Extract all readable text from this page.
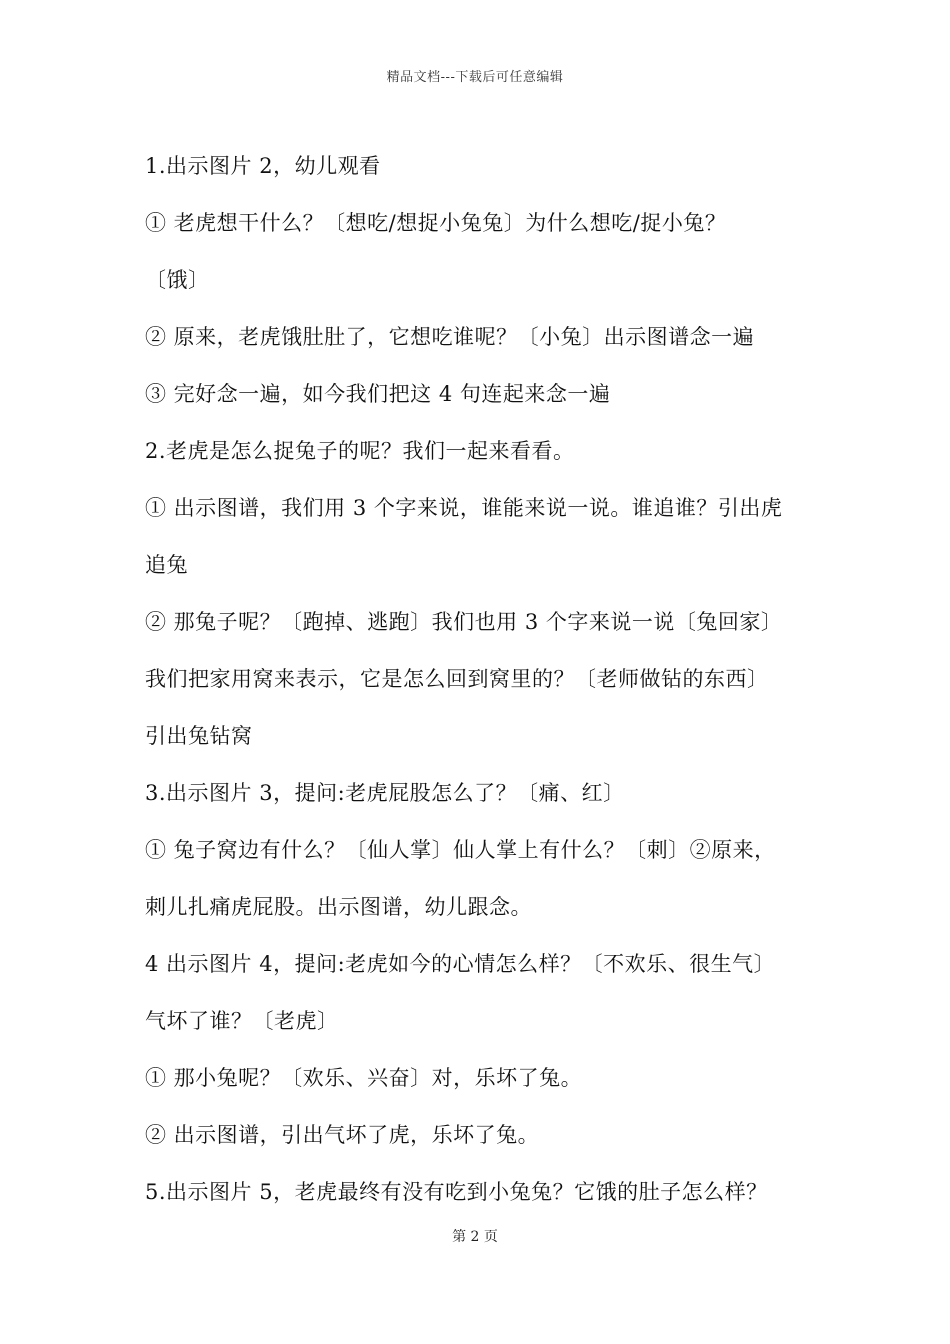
精品文档---下载后可任意编辑
1.出示图片 2，幼儿观看
① 老虎想干什么？〔想吃/想捉小兔兔〕为什么想吃/捉小兔？
〔饿〕
② 原来，老虎饿肚肚了，它想吃谁呢？〔小兔〕出示图谱念一遍
③ 完好念一遍，如今我们把这 4 句连起来念一遍
2.老虎是怎么捉兔子的呢？我们一起来看看。
① 出示图谱，我们用 3 个字来说，谁能来说一说。谁追谁？引出虎
追兔
② 那兔子呢？〔跑掉、逃跑〕我们也用 3 个字来说一说〔兔回家〕
我们把家用窝来表示，它是怎么回到窝里的？〔老师做钻的东西〕
引出兔钻窝
3.出示图片 3，提问:老虎屁股怎么了？〔痛、红〕
① 兔子窝边有什么？〔仙人掌〕仙人掌上有什么？〔刺〕②原来，
刺儿扎痛虎屁股。出示图谱，幼儿跟念。
4 出示图片 4，提问:老虎如今的心情怎么样？〔不欢乐、很生气〕
气坏了谁？〔老虎〕
① 那小兔呢？〔欢乐、兴奋〕对，乐坏了兔。
② 出示图谱，引出气坏了虎，乐坏了兔。
5.出示图片 5，老虎最终有没有吃到小兔兔？它饿的肚子怎么样？
第 2 页
